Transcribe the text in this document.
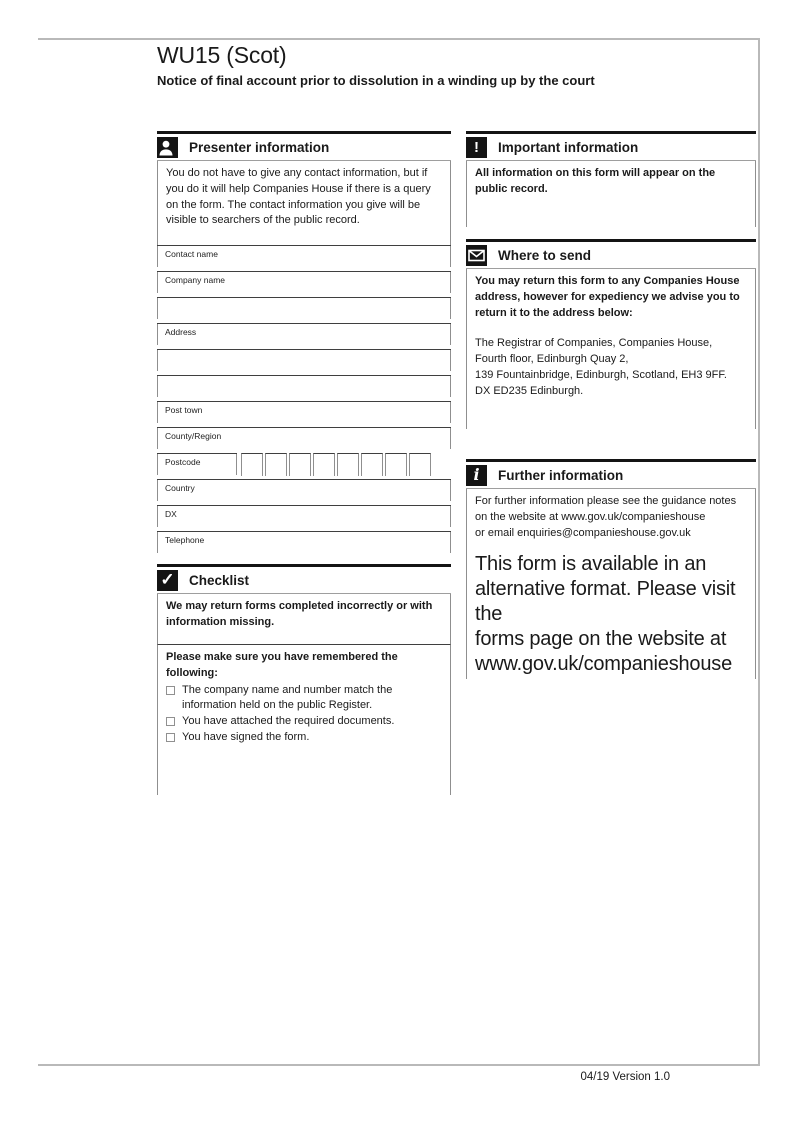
WU15 (Scot)
Notice of final account prior to dissolution in a winding up by the court
Presenter information
You do not have to give any contact information, but if you do it will help Companies House if there is a query on the form. The contact information you give will be visible to searchers of the public record.
Contact name
Company name
Address
Post town
County/Region
Postcode
Country
DX
Telephone
✓ Checklist
We may return forms completed incorrectly or with information missing.
Please make sure you have remembered the following:
The company name and number match the information held on the public Register.
You have attached the required documents.
You have signed the form.
! Important information
All information on this form will appear on the public record.
Where to send
You may return this form to any Companies House address, however for expediency we advise you to return it to the address below:
The Registrar of Companies, Companies House,
Fourth floor, Edinburgh Quay 2,
139 Fountainbridge, Edinburgh, Scotland, EH3 9FF.
DX ED235 Edinburgh.
i Further information
For further information please see the guidance notes
on the website at www.gov.uk/companieshouse
or email enquiries@companieshouse.gov.uk
This form is available in an
alternative format. Please visit the
forms page on the website at
www.gov.uk/companieshouse
04/19 Version 1.0
